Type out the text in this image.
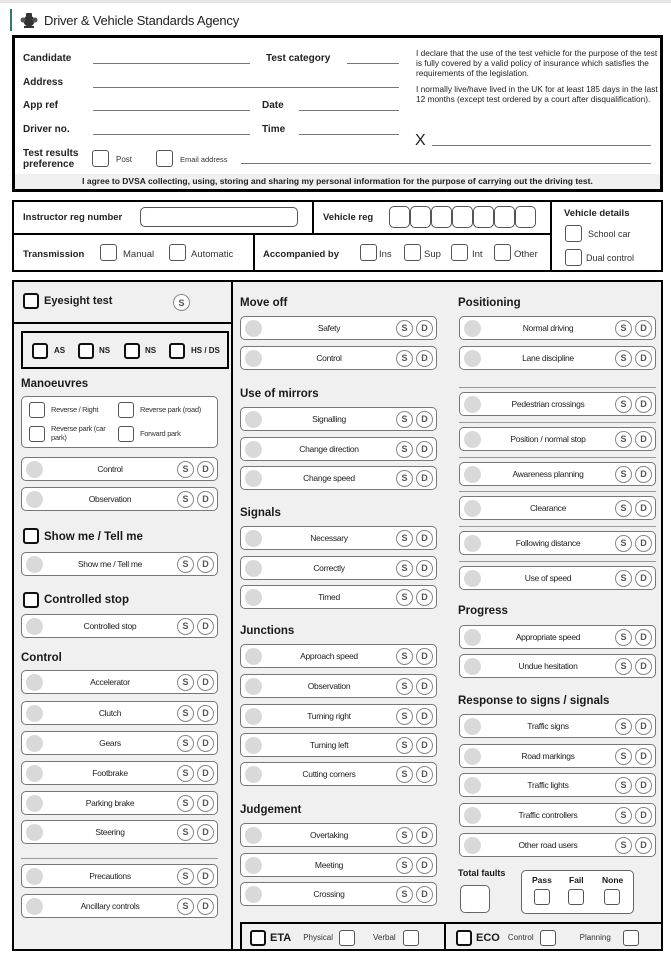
Driver & Vehicle Standards Agency
Candidate	Test category
Address
App ref	Date
Driver no.	Time
Test results
preference	Post	Email address

I declare that the use of the test vehicle for the purpose of the test is fully covered by a valid policy of insurance which satisfies the requirements of the legislation.

I normally live/have lived in the UK for at least 185 days in the last 12 months (except test ordered by a court after disqualification).

X
I agree to DVSA collecting, using, storing and sharing my personal information for the purpose of carrying out the driving test.
Instructor reg number	Vehicle reg	Vehicle details
School car
Dual control
Transmission	Manual	Automatic	Accompanied by	Ins	Sup	Int	Other
Eyesight test	S
AS	NS	NS	HS / DS
Manoeuvres
Reverse / Right	Reverse park (road)
Reverse park (car park)	Forward park
Control	S	D
Observation	S	D
Show me / Tell me
Show me / Tell me	S	D
Controlled stop
Controlled stop	S	D
Control
Accelerator	S	D
Clutch	S	D
Gears	S	D
Footbrake	S	D
Parking brake	S	D
Steering	S	D
Precautions	S	D
Ancillary controls	S	D
Move off
Safety	S	D
Control	S	D
Use of mirrors
Signalling	S	D
Change direction	S	D
Change speed	S	D
Signals
Necessary	S	D
Correctly	S	D
Timed	S	D
Junctions
Approach speed	S	D
Observation	S	D
Turning right	S	D
Turning left	S	D
Cutting corners	S	D
Judgement
Overtaking	S	D
Meeting	S	D
Crossing	S	D
Positioning
Normal driving	S	D
Lane discipline	S	D
Pedestrian crossings	S	D
Position / normal stop	S	D
Awareness planning	S	D
Clearance	S	D
Following distance	S	D
Use of speed	S	D
Progress
Appropriate speed	S	D
Undue hesitation	S	D
Response to signs / signals
Traffic signs	S	D
Road markings	S	D
Traffic lights	S	D
Traffic controllers	S	D
Other road users	S	D
Total faults
Pass Fail None
ETA Physical	Verbal	ECO Control	Planning
